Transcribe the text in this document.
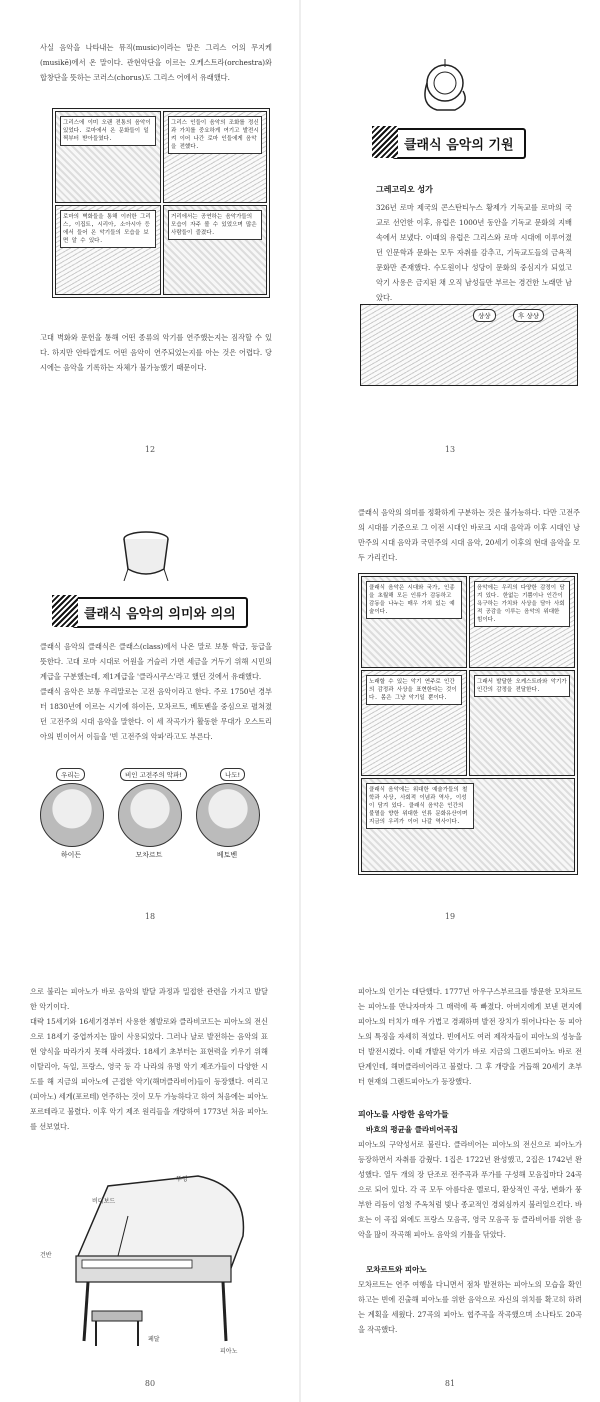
사실 음악을 나타내는 뮤직(music)이라는 말은 그리스 어의 무지케(musikē)에서 온 말이다. 관현악단을 이르는 오케스트라(orchestra)와 합창단을 뜻하는 코러스(chorus)도 그리스 어에서 유래했다.

그리스에 이미 오랜 전통의 음악이 있었다. 로마에서 온 문화들이 일찍부터 받아들였다.
그리스 인들이 음악의 조화를 정신과 가치를 중요하게 여기고 발전시켜 이어 나간 로마 인들에게 음악을 전했다.
로마의 벽화들을 통해 이러한 그리스, 이집트, 시리아, 소아시아 등에서 들어 온 악기들의 모습을 보면 알 수 있다.
거리에서는 공연하는 음악가들의 모습이 자주 볼 수 있었으며 많은 사람들이 즐겼다.

고대 벽화와 문헌을 통해 어떤 종류의 악기를 연주했는지는 짐작할 수 있다. 하지만 안타깝게도 어떤 음악이 연주되었는지를 아는 것은 어렵다. 당시에는 음악을 기록하는 자체가 불가능했기 때문이다.

12
클래식 음악의 기원
그레고리오 성가

326년 로마 제국의 콘스탄티누스 황제가 기독교를 로마의 국교로 선언한 이후, 유럽은 1000년 동안을 기독교 문화의 지배 속에서 보냈다. 이때의 유럽은 그리스와 로마 시대에 이루어졌던 인문학과 문화는 모두 자취를 감추고, 기독교도들의 금욕적 문화만 존재했다. 수도원이나 성당이 문화의 중심지가 되었고 악기 사용은 금지된 채 오직 남성들만 부르는 경건한 노래만 남았다.

샹샹	후 샹샹
13
클래식 음악의 의미와 의의

클래식 음악의 클래식은 클래스(class)에서 나온 말로 보통 학급, 등급을 뜻한다. 고대 로마 시대로 어원을 거슬러 가면 세금을 거두기 위해 시민의 계급을 구분했는데, 제1계급을 '클라시쿠스'라고 했던 것에서 유래했다.
클래식 음악은 보통 우리말로는 고전 음악이라고 한다. 주로 1750년 경부터 1830년에 이르는 시기에 하이든, 모차르트, 베토벤을 중심으로 펼쳐졌던 고전주의 시대 음악을 말한다. 이 세 작곡가가 활동한 무대가 오스트리아의 빈이어서 이들을 '빈 고전주의 악파'라고도 부른다.

우리는	비인 고전주의 악파!	나도!
하이든	모차르트	베토벤
18

클래식 음악의 의미를 정확하게 구분하는 것은 불가능하다. 다만 고전주의 시대를 기준으로 그 이전 시대인 바로크 시대 음악과 이후 시대인 낭만주의 시대 음악과 국민주의 시대 음악, 20세기 이후의 현대 음악을 모두 가리킨다.

클래식 음악은 시대와 국가, 인종을 초월해 모든 인류가 감동하고 감동을 나누는 매우 가치 있는 예술이다.
음악에는 우리의 다양한 감정이 담겨 있다. 한없는 기쁨이나 인간이 욕구하는 가치와 사상을 담아 사회적 공감을 이루는 음악의 위대한 힘이다.
노래할 수 있는 악기 연주로 인간의 감정과 사상을 표현한다는 것이다. 몸은 그냥 악기일 뿐이다.
그래서 발달한 오케스트라와 악기가 인간의 감정을 전달한다.
클래식 음악에는 위대한 예술가들의 철학과 사상, 사회적 이념과 역사, 이성이 담겨 있다. 클래식 음악은 인간의 불멸을 향한 위대한 인류 문화유산이며 지금의 우리가 이어 나갈 역사이다.
19

으로 불리는 피아노가 바로 음악의 발달 과정과 밀접한 관련을 가지고 발달한 악기이다.
대략 15세기와 16세기경부터 사용한 쳄발로와 클라비코드는 피아노의 전신으로 18세기 중엽까지는 많이 사용되었다. 그러나 날로 발전하는 음악의 표현 양식을 따라가지 못해 사라졌다. 18세기 초부터는 표현력을 키우기 위해 이탈리아, 독일, 프랑스, 영국 등 각 나라의 유명 악기 제조가들이 다양한 시도를 해 지금의 피아노에 근접한 악기(해머클라비어)들이 등장했다. 여리고(피아노) 세게(포르테) 연주하는 것이 모두 가능하다고 하여 처음에는 피아노 포르테라고 불렸다. 이후 악기 제조 원리들을 개량하여 1773년 처음 피아노를 선보였다.

뚜껑
비디보드
건반
페달
피아노
80

피아노의 인기는 대단했다. 1777년 아우구스부르크를 방문한 모차르트는 피아노를 만나자마자 그 매력에 푹 빠졌다. 아버지에게 보낸 편지에 피아노의 터치가 매우 가볍고 경쾌하며 발전 장치가 뛰어나다는 등 피아노의 특징을 자세히 적었다. 빈에서도 여러 제작자들이 피아노의 성능을 더 발전시켰다. 이때 개발된 악기가 바로 지금의 그랜드피아노 바로 전 단계인데, 해머클라비어라고 불렸다. 그 후 개량을 거듭해 20세기 초부터 현재의 그랜드피아노가 등장했다.

피아노를 사랑한 음악가들
바흐의 평균율 클라비어곡집

피아노의 구약성서로 불린다. 클라비어는 피아노의 전신으로 피아노가 등장하면서 자취를 감췄다. 1집은 1722년 완성했고, 2집은 1742년 완성했다. 열두 개의 장 단조로 전주곡과 푸가를 구성해 모음집마다 24곡으로 되어 있다. 각 곡 모두 아름다운 멜로디, 환상적인 곡상, 변화가 풍부한 리듬이 엄청 주옥처럼 빛나 종교적인 경외심까지 불러일으킨다. 바흐는 이 곡집 외에도 프랑스 모음곡, 영국 모음곡 등 클라비어를 위한 음악을 많이 작곡해 피아노 음악의 기틀을 닦았다.

모차르트와 피아노

모차르트는 연주 여행을 다니면서 점차 발전하는 피아노의 모습을 확인하고는 빈에 진출해 피아노를 위한 음악으로 자신의 위치를 확고히 하려는 계획을 세웠다. 27곡의 피아노 협주곡을 작곡했으며 소나타도 20곡을 작곡했다.

81
